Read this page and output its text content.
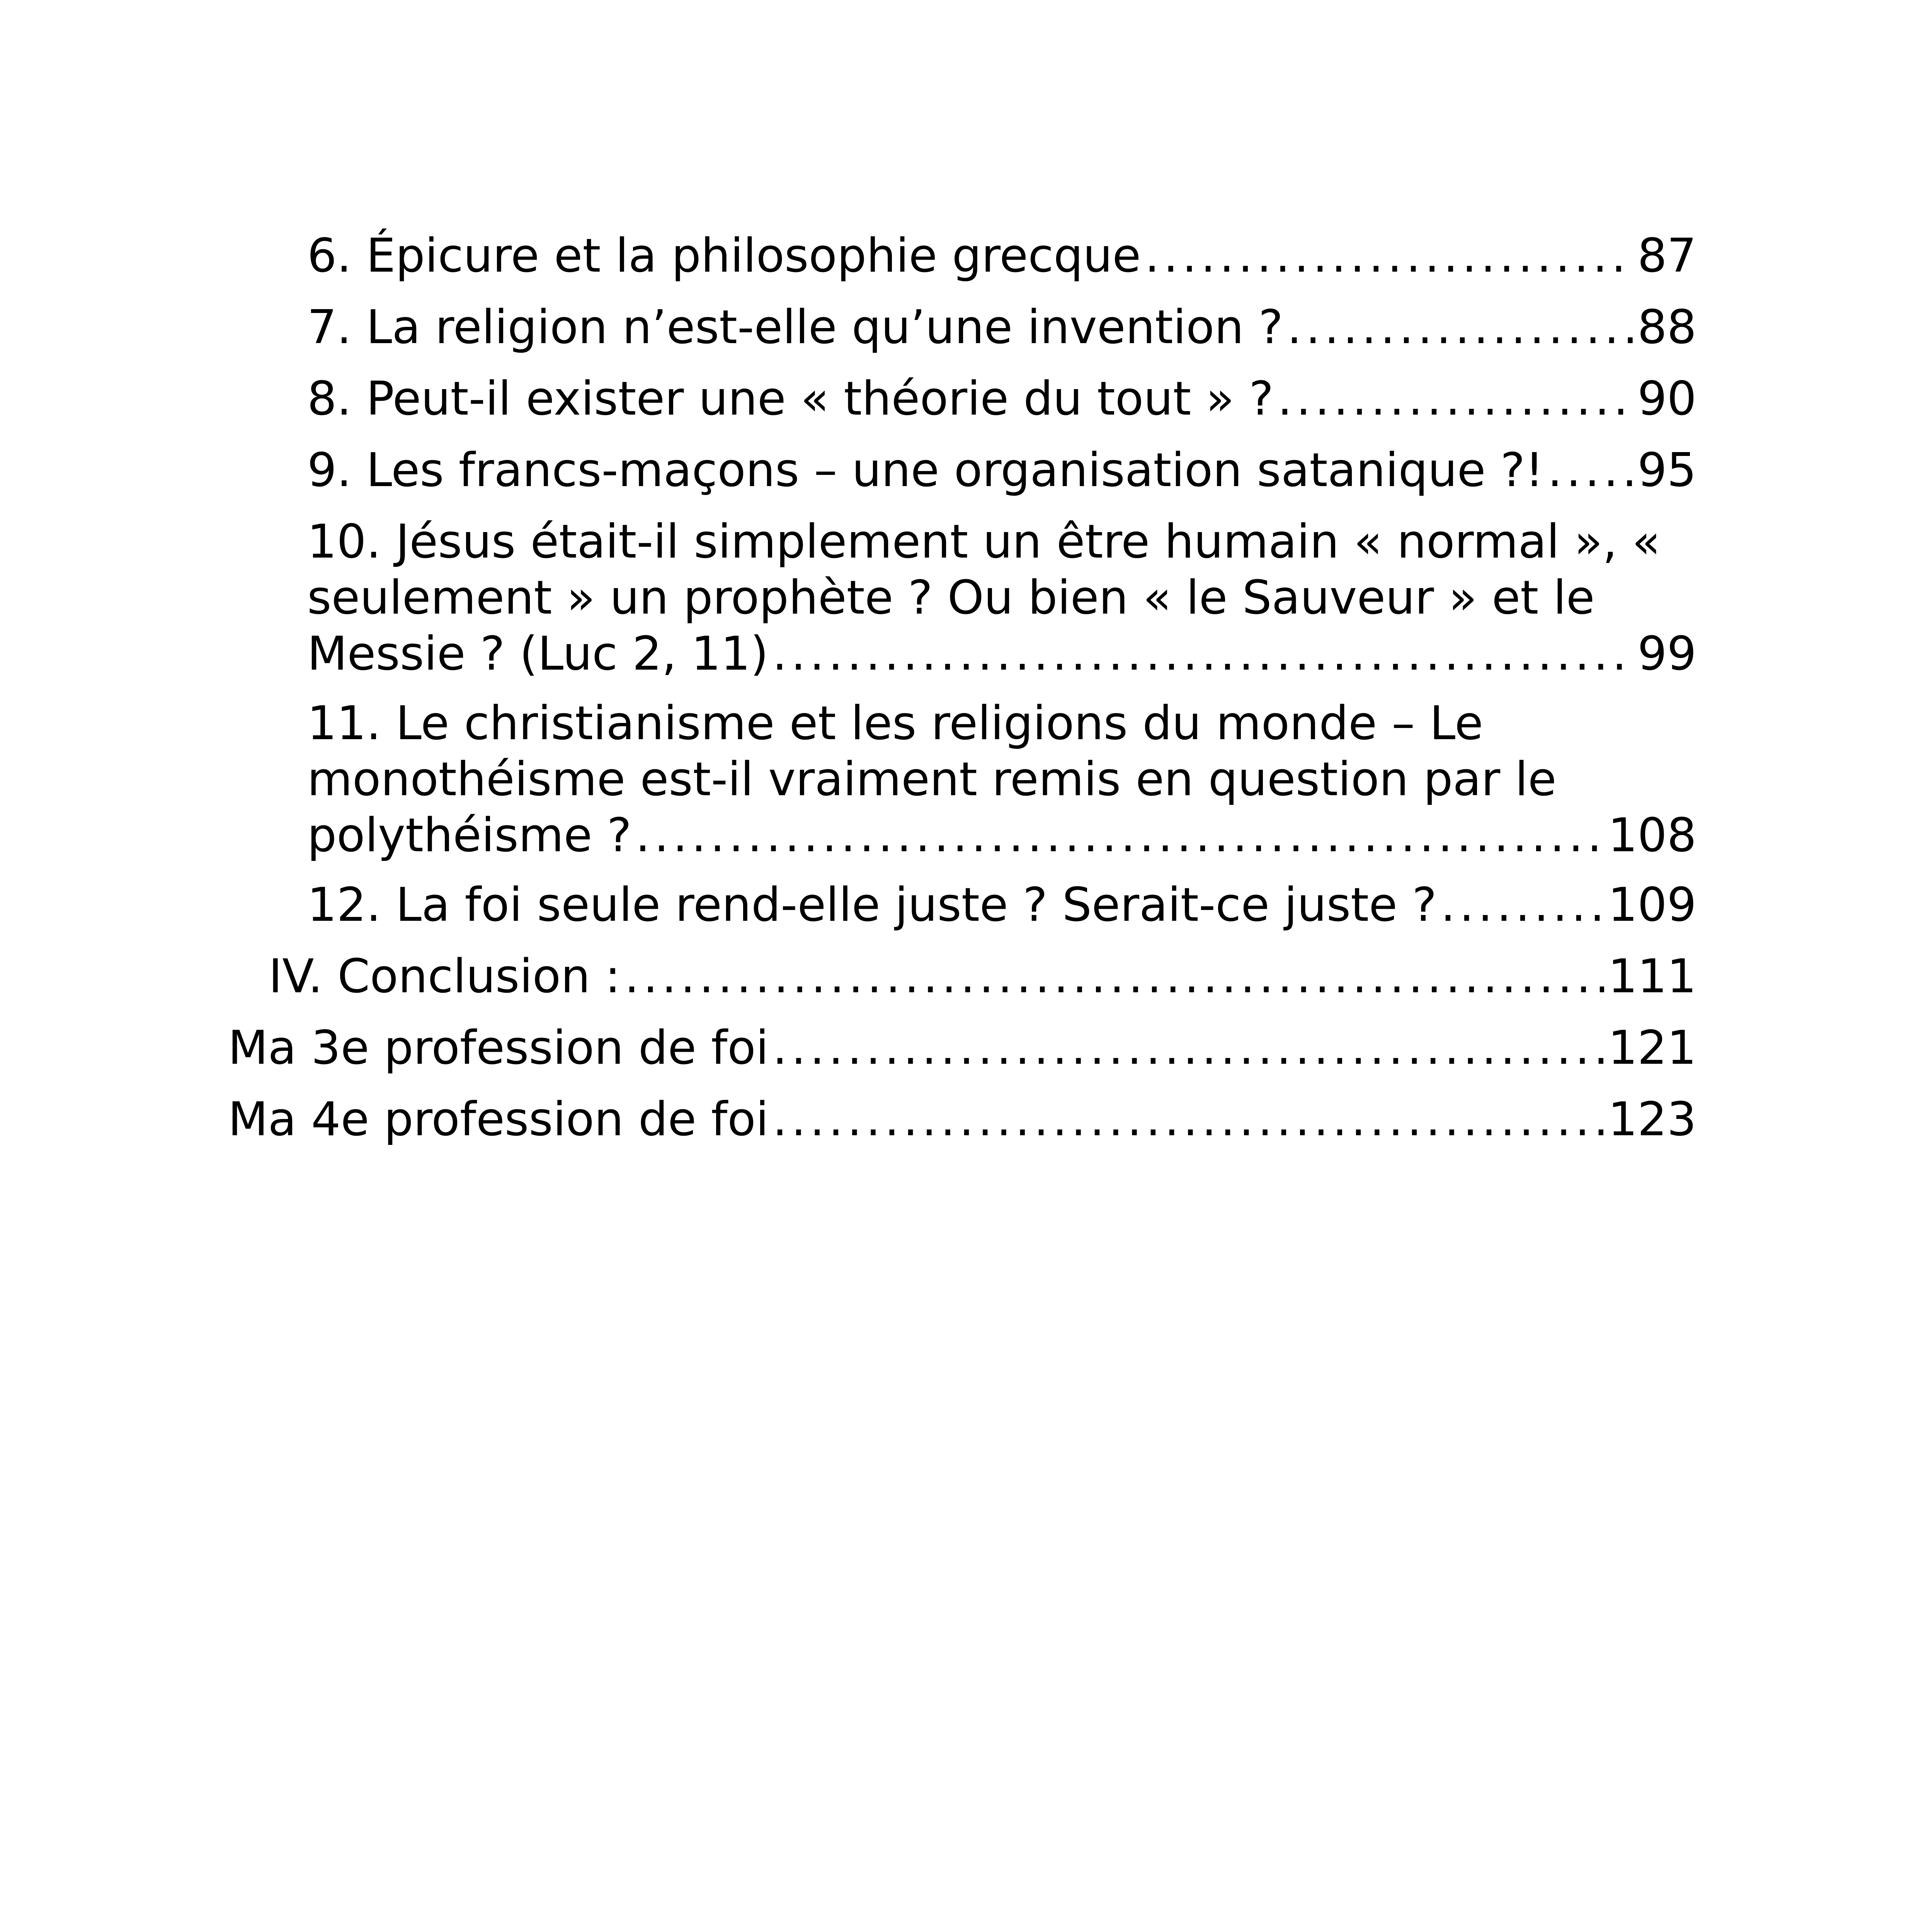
6. Épicure et la philosophie grecque . . .	87
7. La religion n’est-elle qu’une invention ? . . .	88
8. Peut-il exister une « théorie du tout » ? . . .	90
9. Les francs-maçons – une organisation satanique ?! . . . 95
10. Jésus était-il simplement un être humain « normal », «
seulement » un prophète ? Ou bien « le Sauveur » et le
Messie ? (Luc 2, 11) . . .	99
11. Le christianisme et les religions du monde – Le
monothéisme est-il vraiment remis en question par le
polythéisme ? . . .	108
12. La foi seule rend-elle juste ? Serait-ce juste ? . . .	109
IV. Conclusion : . . .	111
Ma 3e profession de foi . . .	121
Ma 4e profession de foi . . .	123
